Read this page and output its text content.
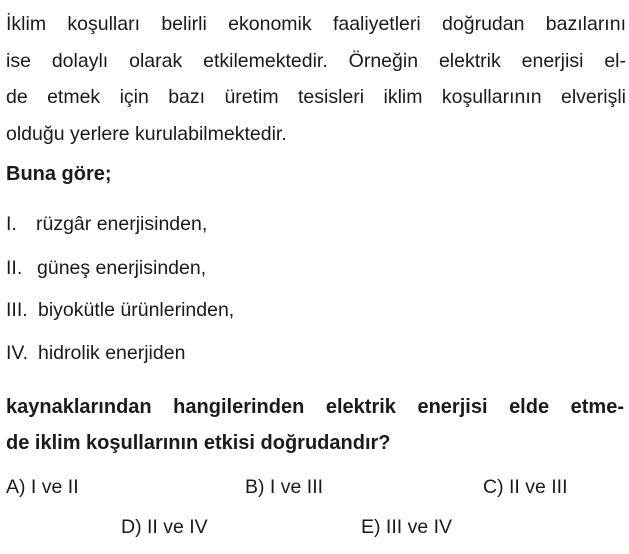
İklim koşulları belirli ekonomik faaliyetleri doğrudan bazılarını
ise dolaylı olarak etkilemektedir. Örneğin elektrik enerjisi el-
de etmek için bazı üretim tesisleri iklim koşullarının elverişli
olduğu yerlere kurulabilmektedir.
Buna göre;
I. rüzgâr enerjisinden,
II. güneş enerjisinden,
III. biyokütle ürünlerinden,
IV. hidrolik enerjiden
kaynaklarından hangilerinden elektrik enerjisi elde etme-
de iklim koşullarının etkisi doğrudandır?
A) I ve II	B) I ve III	C) II ve III
D) II ve IV	E) III ve IV
